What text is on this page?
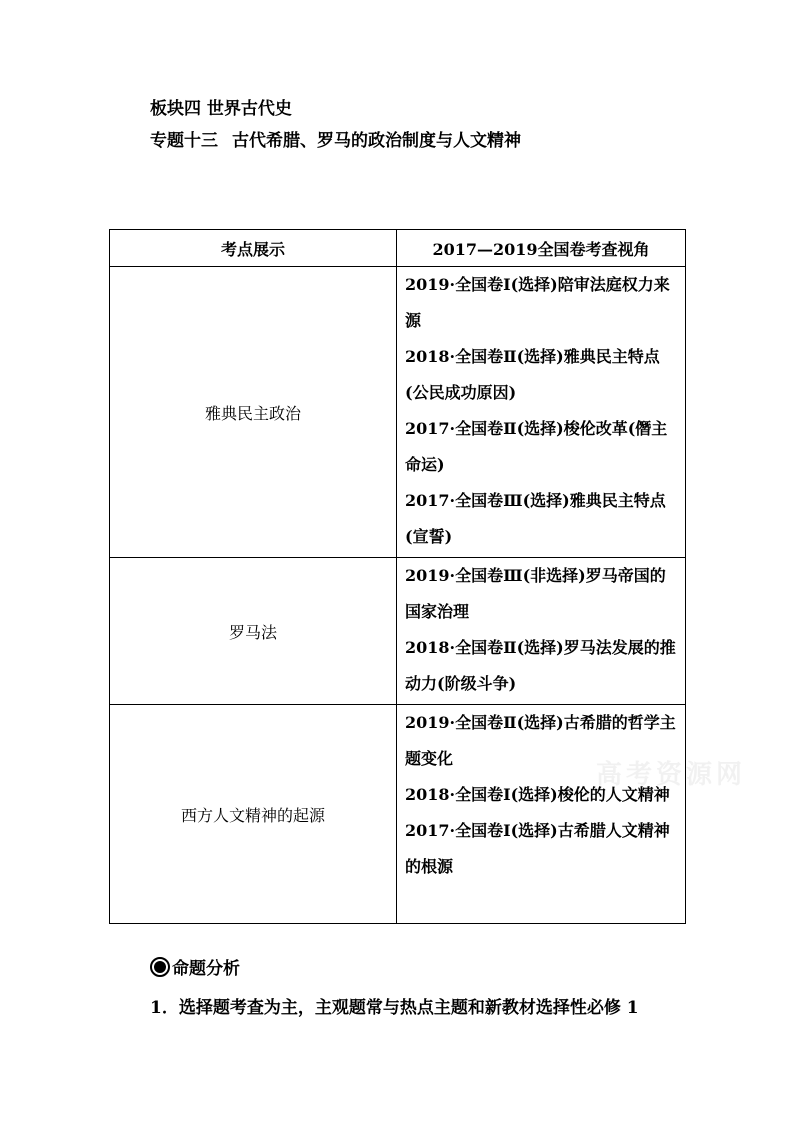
板块四 世界古代史
专题十三 古代希腊、罗马的政治制度与人文精神
考点展示	2017—2019全国卷考查视角
雅典民主政治	2019·全国卷Ⅰ(选择)陪审法庭权力来源
2018·全国卷Ⅱ(选择)雅典民主特点(公民成功原因)
2017·全国卷Ⅱ(选择)梭伦改革(僭主命运)
2017·全国卷Ⅲ(选择)雅典民主特点(宣誓)

罗马法	2019·全国卷Ⅲ(非选择)罗马帝国的国家治理
2018·全国卷Ⅱ(选择)罗马法发展的推动力(阶级斗争)

西方人文精神的起源	2019·全国卷Ⅱ(选择)古希腊的哲学主题变化
2018·全国卷Ⅰ(选择)梭伦的人文精神
2017·全国卷Ⅰ(选择)古希腊人文精神的根源
高考资源网
命题分析
1．选择题考查为主，主观题常与热点主题和新教材选择性必修 1
